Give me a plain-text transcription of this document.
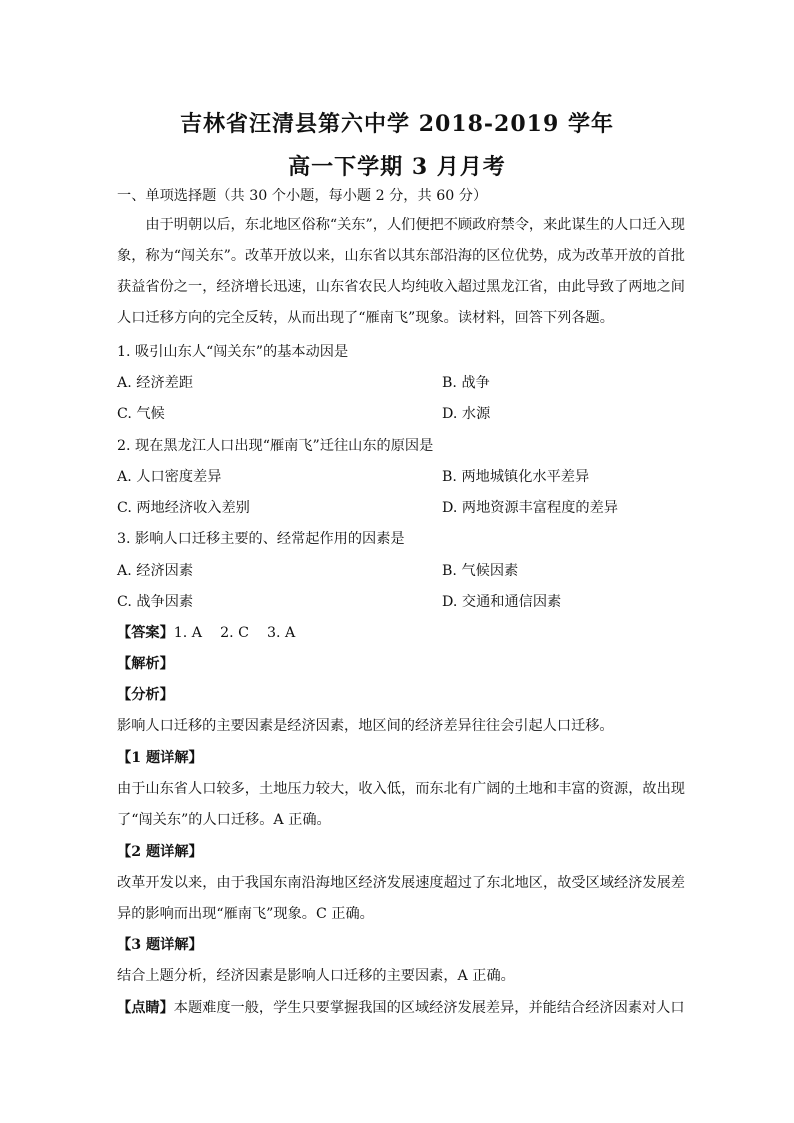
吉林省汪清县第六中学 2018-2019 学年
高一下学期 3 月月考
一、单项选择题（共 30 个小题，每小题 2 分，共 60 分）
由于明朝以后，东北地区俗称“关东”，人们便把不顾政府禁令，来此谋生的人口迁入现象，称为“闯关东”。改革开放以来，山东省以其东部沿海的区位优势，成为改革开放的首批获益省份之一，经济增长迅速，山东省农民人均纯收入超过黑龙江省，由此导致了两地之间人口迁移方向的完全反转，从而出现了“雁南飞”现象。读材料，回答下列各题。
1. 吸引山东人“闯关东”的基本动因是
A. 经济差距	B. 战争
C. 气候	D. 水源
2. 现在黑龙江人口出现“雁南飞”迁往山东的原因是
A. 人口密度差异	B. 两地城镇化水平差异
C. 两地经济收入差别	D. 两地资源丰富程度的差异
3. 影响人口迁移主要的、经常起作用的因素是
A. 经济因素	B. 气候因素
C. 战争因素	D. 交通和通信因素
【答案】1. A 2. C 3. A
【解析】
【分析】
影响人口迁移的主要因素是经济因素，地区间的经济差异往往会引起人口迁移。
【1 题详解】
由于山东省人口较多，土地压力较大，收入低，而东北有广阔的土地和丰富的资源，故出现了“闯关东”的人口迁移。A 正确。
【2 题详解】
改革开发以来，由于我国东南沿海地区经济发展速度超过了东北地区，故受区域经济发展差异的影响而出现“雁南飞”现象。C 正确。
【3 题详解】
结合上题分析，经济因素是影响人口迁移的主要因素，A 正确。
【点睛】本题难度一般，学生只要掌握我国的区域经济发展差异，并能结合经济因素对人口
